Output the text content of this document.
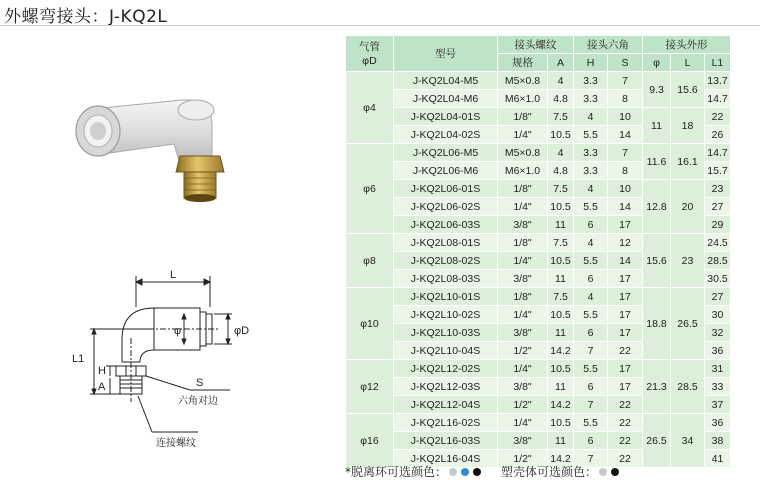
外螺弯接头：J-KQ2L
L
φ	φD
L1
H
A	S
六角对边
连接螺纹
气管
φD	型号	接头螺纹		接头六角		接头外形		
		规格	A	H	S	φ	L	L1
φ4	J-KQ2L04-M5	M5×0.8	4	3.3	7	9.3	15.6	13.7
	J-KQ2L04-M6	M6×1.0	4.8	3.3	8			14.7
	J-KQ2L04-01S	1/8"	7.5	4	10	11	18	22
	J-KQ2L04-02S	1/4"	10.5	5.5	14			26
φ6	J-KQ2L06-M5	M5×0.8	4	3.3	7	11.6	16.1	14.7
	J-KQ2L06-M6	M6×1.0	4.8	3.3	8			15.7
	J-KQ2L06-01S	1/8"	7.5	4	10	12.8	20	23
	J-KQ2L06-02S	1/4"	10.5	5.5	14			27
	J-KQ2L06-03S	3/8"	11	6	17			29
φ8	J-KQ2L08-01S	1/8"	7.5	4	12	15.6	23	24.5
	J-KQ2L08-02S	1/4"	10.5	5.5	14			28.5
	J-KQ2L08-03S	3/8"	11	6	17			30.5
φ10	J-KQ2L10-01S	1/8"	7.5	4	17	18.8	26.5	27
	J-KQ2L10-02S	1/4"	10.5	5.5	17			30
	J-KQ2L10-03S	3/8"	11	6	17			32
	J-KQ2L10-04S	1/2"	14.2	7	22			36
φ12	J-KQ2L12-02S	1/4"	10.5	5.5	17	21.3	28.5	31
	J-KQ2L12-03S	3/8"	11	6	17			33
	J-KQ2L12-04S	1/2"	14.2	7	22			37
φ16	J-KQ2L16-02S	1/4"	10.5	5.5	22	26.5	34	36
	J-KQ2L16-03S	3/8"	11	6	22			38
	J-KQ2L16-04S	1/2"	14.2	7	22			41
*脱离环可选颜色：	塑壳体可选颜色：
